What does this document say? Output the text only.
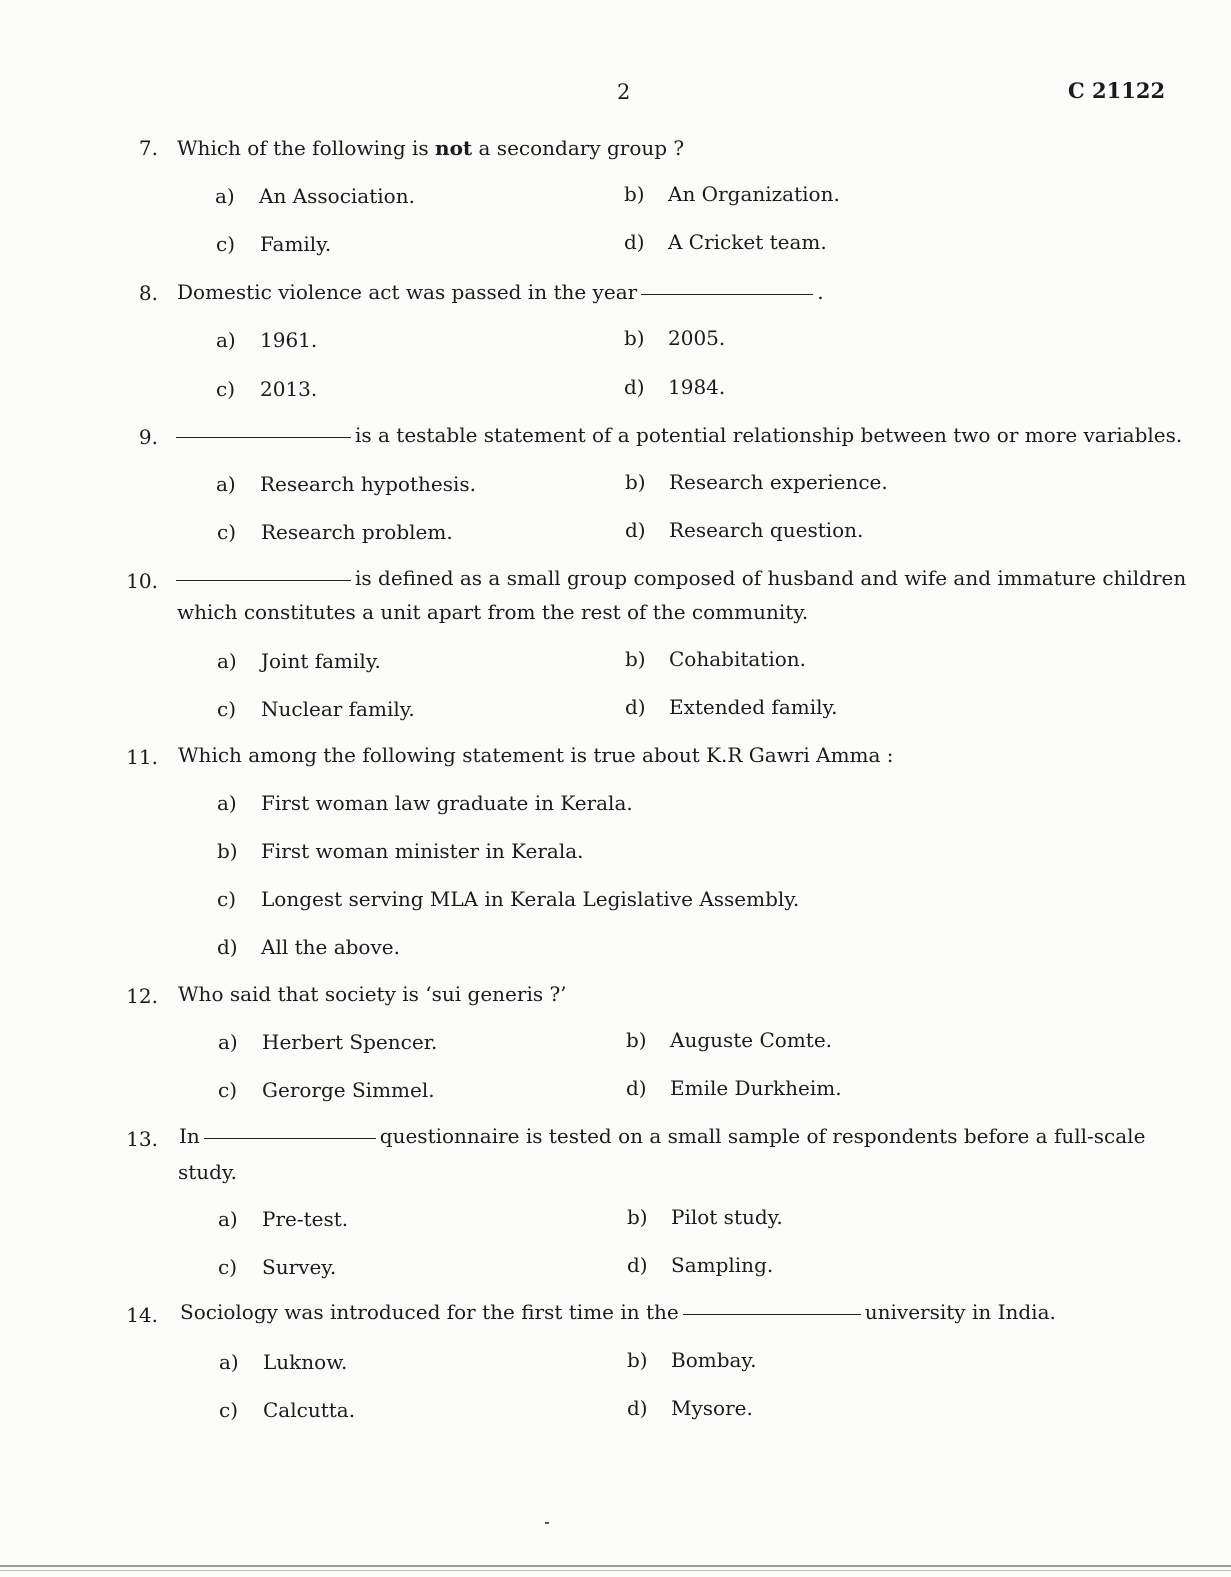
2	C 21122
7. Which of the following is not a secondary group ?
a) An Association.	b) An Organization.
c) Family.	d) A Cricket team.
8. Domestic violence act was passed in the year	.
a) 1961.	b) 2005.
c) 2013.	d) 1984.
9.	is a testable statement of a potential relationship between two or more variables.
a) Research hypothesis.	b) Research experience.
c) Research problem.	d) Research question.
10.	is defined as a small group composed of husband and wife and immature children
which constitutes a unit apart from the rest of the community.
a) Joint family.	b) Cohabitation.
c) Nuclear family.	d) Extended family.
11. Which among the following statement is true about K.R Gawri Amma :
a) First woman law graduate in Kerala.
b) First woman minister in Kerala.
c) Longest serving MLA in Kerala Legislative Assembly.
d) All the above.
12. Who said that society is ‘sui generis ?’
a) Herbert Spencer.	b) Auguste Comte.
c) Gerorge Simmel.	d) Emile Durkheim.
13. In	questionnaire is tested on a small sample of respondents before a full-scale
study.
a) Pre-test.	b) Pilot study.
c) Survey.	d) Sampling.
14. Sociology was introduced for the first time in the	university in India.
a) Luknow.	b) Bombay.
c) Calcutta.	d) Mysore.
